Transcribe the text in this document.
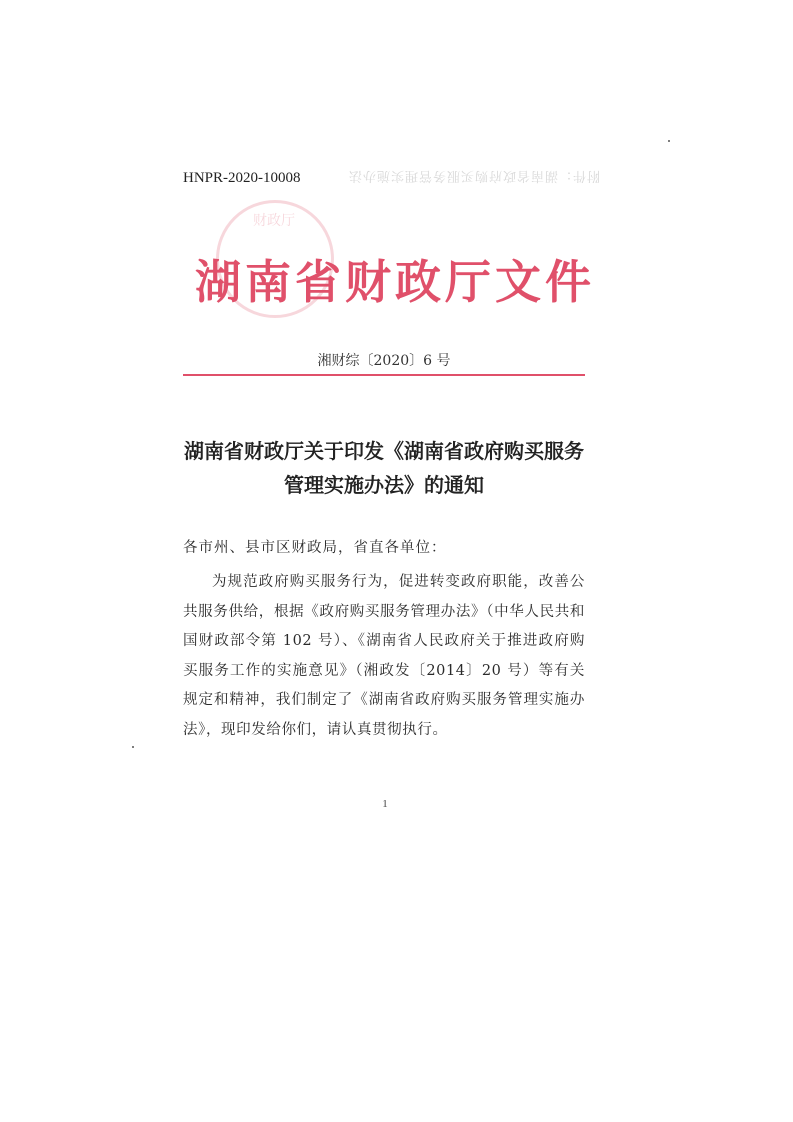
附件：湖南省政府购买服务管理实施办法
财政厅
HNPR-2020-10008
湖南省财政厅文件
湘财综〔2020〕6 号
湖南省财政厅关于印发《湖南省政府购买服务
管理实施办法》的通知
各市州、县市区财政局，省直各单位：
为规范政府购买服务行为，促进转变政府职能，改善公共服务供给，根据《政府购买服务管理办法》（中华人民共和国财政部令第 102 号）、《湖南省人民政府关于推进政府购买服务工作的实施意见》（湘政发〔2014〕20 号）等有关规定和精神，我们制定了《湖南省政府购买服务管理实施办法》，现印发给你们，请认真贯彻执行。
1
